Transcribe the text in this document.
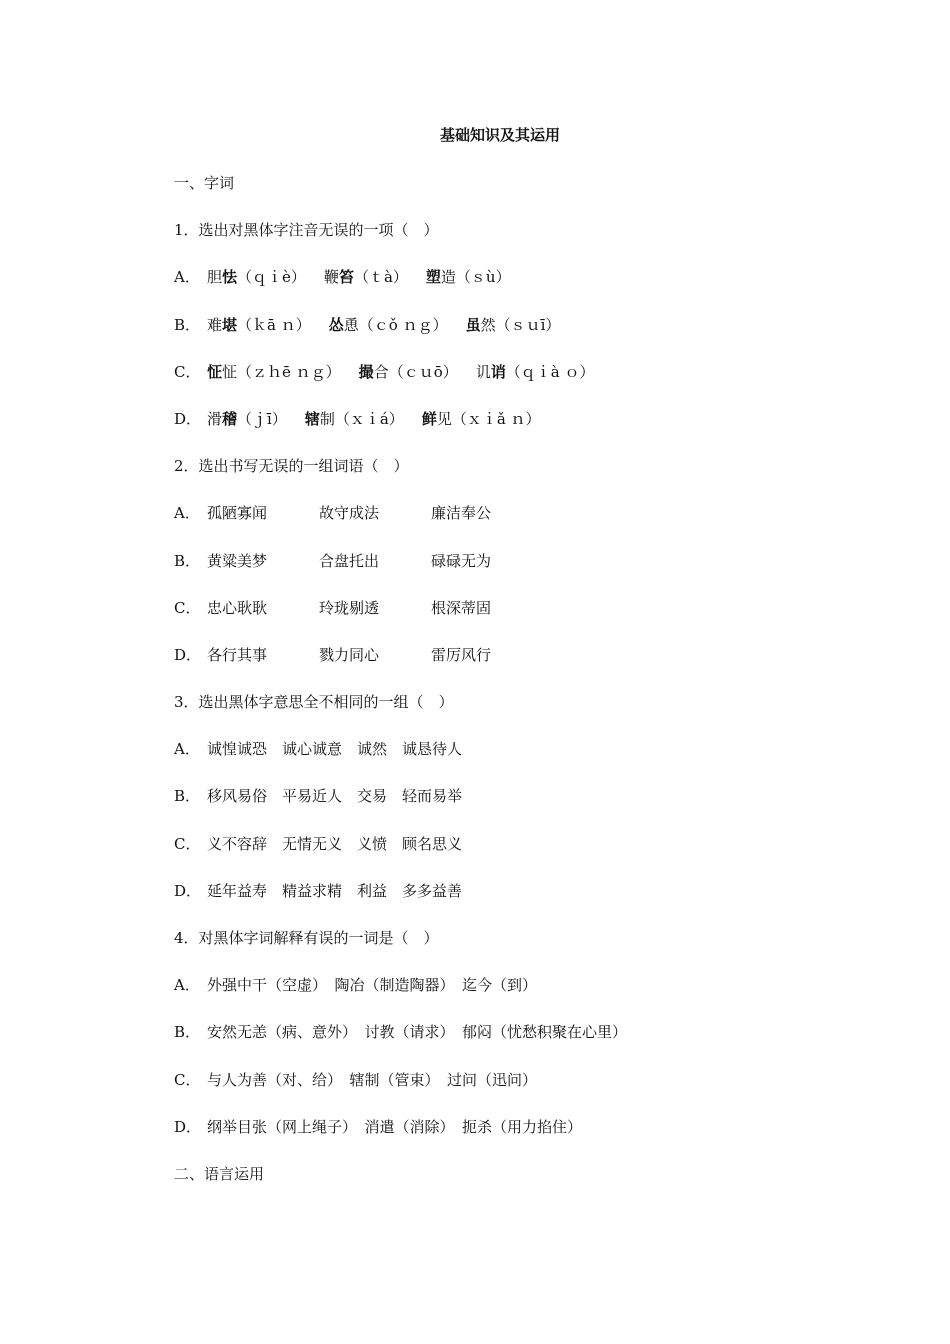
基础知识及其运用
一、字词
1．选出对黑体字注音无误的一项（　）
A． 胆怯（ｑｉè） 鞭笞（ｔà） 塑造（ｓù）
B． 难堪（ｋā ｎ） 怂恿（ｃǒ ｎｇ） 虽然（ｓｕī）
C． 怔怔（ｚｈē ｎｇ） 撮合（ｃｕō） 讥诮（ｑｉà ｏ）
D． 滑稽（ｊī） 辖制（ｘｉá） 鲜见（ｘｉǎ ｎ）
2．选出书写无误的一组词语（　）
A． 孤陋寡闻	故守成法	廉洁奉公
B． 黄粱美梦	合盘托出	碌碌无为
C． 忠心耿耿	玲珑剔透	根深蒂固
D． 各行其事	戮力同心	雷厉风行
3．选出黑体字意思全不相同的一组（　）
A． 诚惶诚恐　诚心诚意　诚然　诚恳待人
B． 移风易俗　平易近人　交易　轻而易举
C． 义不容辞　无情无义　义愤　顾名思义
D． 延年益寿　精益求精　利益　多多益善
4．对黑体字词解释有误的一词是（　）
A． 外强中干（空虚）　陶冶（制造陶器）　迄今（到）
B． 安然无恙（病、意外）　讨教（请求）　郁闷（忧愁积聚在心里）
C． 与人为善（对、给）　辖制（管束）　过问（迅问）
D． 纲举目张（网上绳子）　消遣（消除）　扼杀（用力掐住）
二、语言运用
